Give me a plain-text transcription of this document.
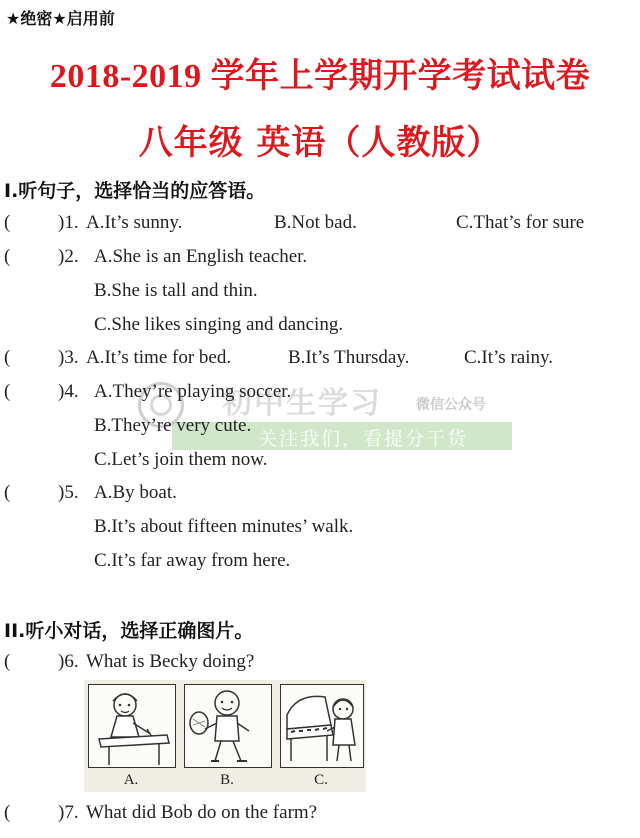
★绝密★启用前
2018-2019 学年上学期开学考试试卷
八年级 英语（人教版）
I.听句子，选择恰当的应答语。
(	)1. A.It’s sunny.	B.Not bad.	C.That’s for sure
(	)2. A.She is an English teacher.
B.She is tall and thin.
C.She likes singing and dancing.
(	)3. A.It’s time for bed.	B.It’s Thursday.	C.It’s rainy.
初中生学习 微信公众号
关注我们，看提分干货
(	)4. A.They’re playing soccer.
B.They’re very cute.
C.Let’s join them now.
(	)5. A.By boat.
B.It’s about fifteen minutes’ walk.
C.It’s far away from here.
II.听小对话，选择正确图片。
(	)6. What is Becky doing?
A.	B.	C.
(	)7. What did Bob do on the farm?
